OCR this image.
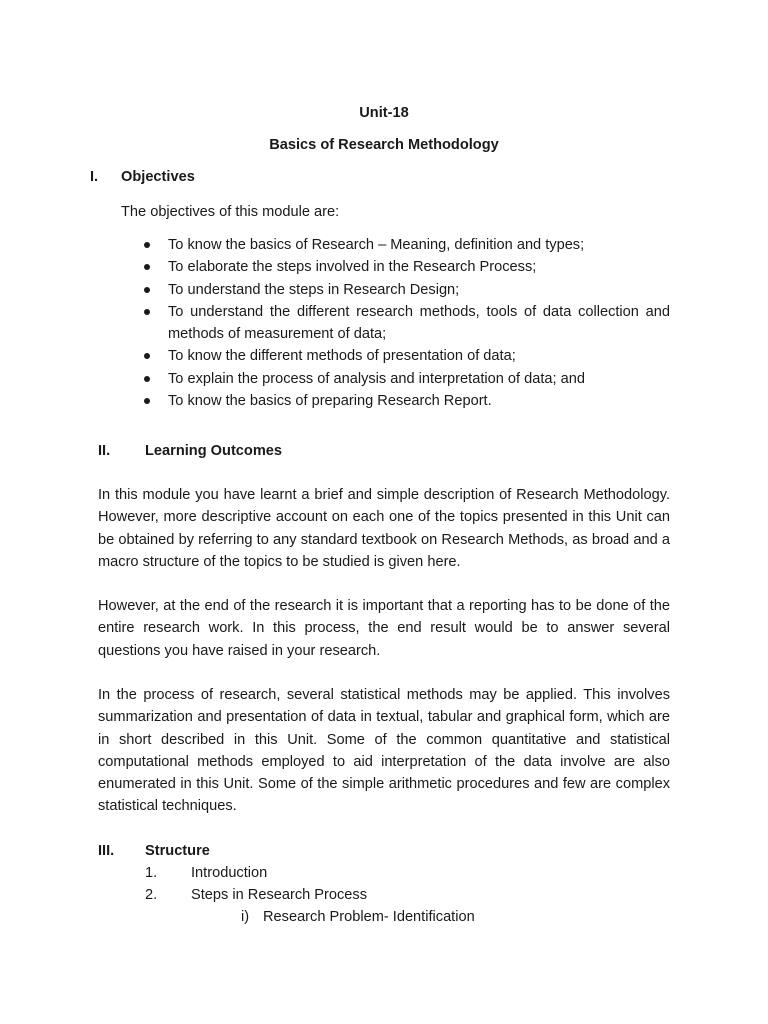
Unit-18
Basics of Research Methodology
I. Objectives
The objectives of this module are:
To know the basics of Research – Meaning, definition and types;
To elaborate the steps involved in the Research Process;
To understand the steps in Research Design;
To understand the different research methods, tools of data collection and methods of measurement of data;
To know the different methods of presentation of data;
To explain the process of analysis and interpretation of data; and
To know the basics of preparing Research Report.
II. Learning Outcomes

In this module you have learnt a brief and simple description of Research Methodology. However, more descriptive account on each one of the topics presented in this Unit can be obtained by referring to any standard textbook on Research Methods, as broad and a macro structure of the topics to be studied is given here.

However, at the end of the research it is important that a reporting has to be done of the entire research work. In this process, the end result would be to answer several questions you have raised in your research.

In the process of research, several statistical methods may be applied. This involves summarization and presentation of data in textual, tabular and graphical form, which are in short described in this Unit. Some of the common quantitative and statistical computational methods employed to aid interpretation of the data involve are also enumerated in this Unit. Some of the simple arithmetic procedures and few are complex statistical techniques.

III. Structure
1. Introduction
2. Steps in Research Process
i) Research Problem- Identification
